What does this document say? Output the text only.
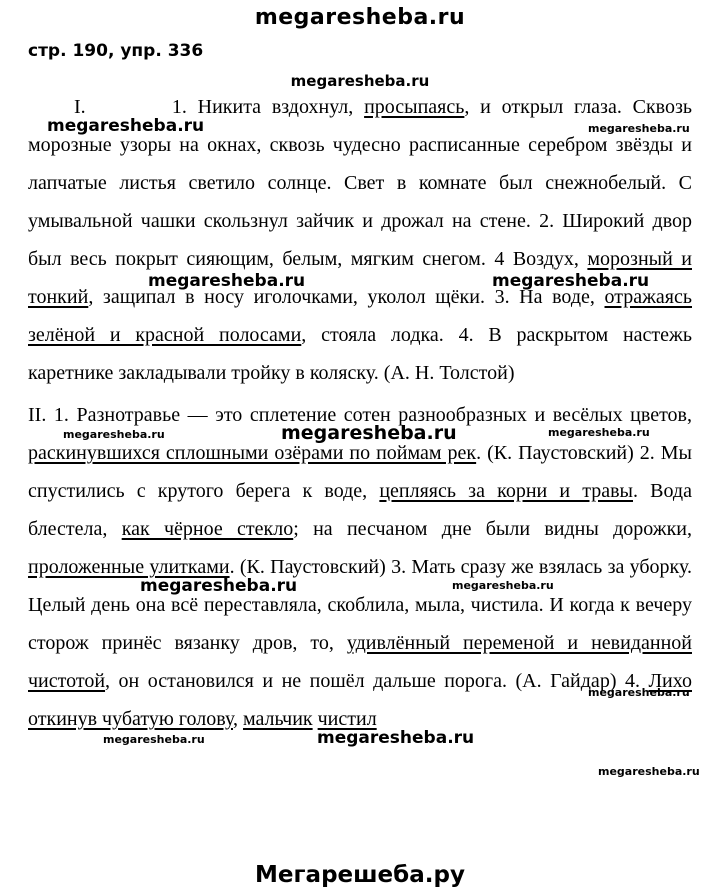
megaresheba.ru
стр. 190, упр. 336
megaresheba.ru

I.        1. Никита вздохнул, просыпаясь, и открыл глаза. Сквозь морозные узоры на окнах, сквозь чудесно расписанные серебром звёзды и лапчатые листья светило солнце. Свет в комнате был снежнобелый. С умывальной чашки скользнул зайчик и дрожал на стене. 2. Широкий двор был весь покрыт сияющим, белым, мягким снегом. 4 Воздух, морозный и тонкий, защипал в носу иголочками, уколол щёки. 3. На воде, отражаясь зелёной и красной полосами, стояла лодка. 4. В раскрытом настежь каретнике закладывали тройку в коляску. (А. Н. Толстой)

II. 1. Разнотравье — это сплетение сотен разнообразных и весёлых цветов, раскинувшихся сплошными озёрами по поймам рек. (К. Паустовский) 2. Мы спустились с крутого берега к воде, цепляясь за корни и травы. Вода блестела, как чёрное стекло; на песчаном дне были видны дорожки, проложенные улитками. (К. Паустовский) 3. Мать сразу же взялась за уборку. Целый день она всё переставляла, скоблила, мыла, чистила. И когда к вечеру сторож принёс вязанку дров, то, удивлённый переменой и невиданной чистотой, он остановился и не пошёл дальше порога. (А. Гайдар) 4. Лихо откинув чубатую голову, мальчик чистил

megaresheba.ru	megaresheba.ru
megaresheba.ru	megaresheba.ru
megaresheba.ru	megaresheba.ru	megaresheba.ru
megaresheba.ru	megaresheba.ru
megaresheba.ru
megaresheba.ru	megaresheba.ru
megaresheba.ru
Мегарешеба.ру
